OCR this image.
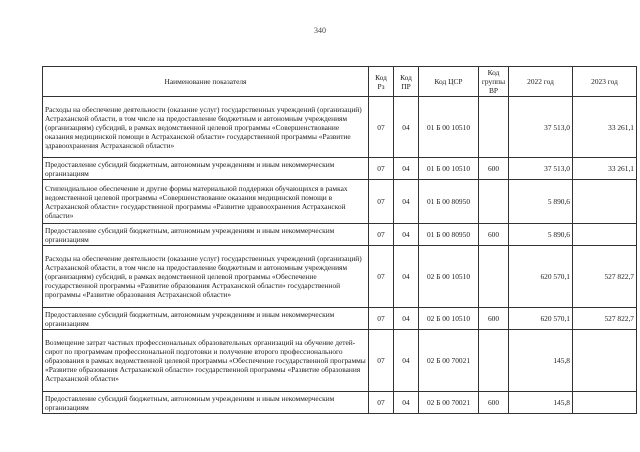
340
Наименование показателя	Код Рз	Код ПР	Код ЦСР	Код группы ВР	2022 год	2023 год
Расходы на обеспечение деятельности (оказание услуг) государственных учреждений (организаций) Астраханской области, в том числе на предоставление бюджетным и автономным учреждениям (организациям) субсидий, в рамках ведомственной целевой программы «Совершенствование оказания медицинской помощи в Астраханской области» государственной программы «Развитие здравоохранения Астраханской области»	07	04	01 Б 00 10510		37 513,0	33 261,1
Предоставление субсидий бюджетным, автономным учреждениям и иным некоммерческим организациям	07	04	01 Б 00 10510	600	37 513,0	33 261,1
Стипендиальное обеспечение и другие формы материальной поддержки обучающихся в рамках ведомственной целевой программы «Совершенствование оказания медицинской помощи в Астраханской области» государственной программы «Развитие здравоохранения Астраханской области»	07	04	01 Б 00 80950		5 890,6	
Предоставление субсидий бюджетным, автономным учреждениям и иным некоммерческим организациям	07	04	01 Б 00 80950	600	5 890,6	
Расходы на обеспечение деятельности (оказание услуг) государственных учреждений (организаций) Астраханской области, в том числе на предоставление бюджетным и автономным учреждениям (организациям) субсидий, в рамках ведомственной целевой программы «Обеспечение государственной программы «Развитие образования Астраханской области» государственной программы «Развитие образования Астраханской области»	07	04	02 Б 00 10510		620 570,1	527 822,7
Предоставление субсидий бюджетным, автономным учреждениям и иным некоммерческим организациям	07	04	02 Б 00 10510	600	620 570,1	527 822,7
Возмещение затрат частных профессиональных образовательных организаций на обучение детей-сирот по программам профессиональной подготовки и получение второго профессионального образования в рамках ведомственной целевой программы «Обеспечение государственной программы «Развитие образования Астраханской области» государственной программы «Развитие образования Астраханской области»	07	04	02 Б 00 70021		145,8	
Предоставление субсидий бюджетным, автономным учреждениям и иным некоммерческим организациям	07	04	02 Б 00 70021	600	145,8	
